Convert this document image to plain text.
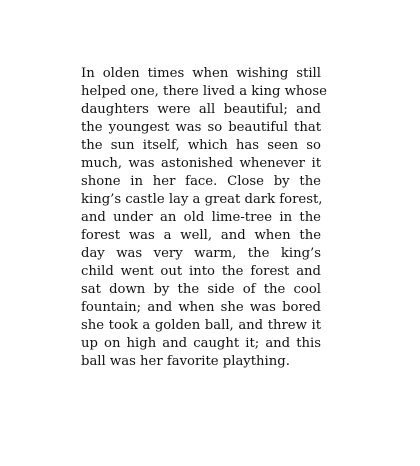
In olden times when wishing still
helped one, there lived a king whose
daughters were all beautiful; and
the youngest was so beautiful that
the sun itself, which has seen so
much, was astonished whenever it
shone in her face. Close by the
king’s castle lay a great dark forest,
and under an old lime-tree in the
forest was a well, and when the
day was very warm, the king’s
child went out into the forest and
sat down by the side of the cool
fountain; and when she was bored
she took a golden ball, and threw it
up on high and caught it; and this
ball was her favorite plaything.
